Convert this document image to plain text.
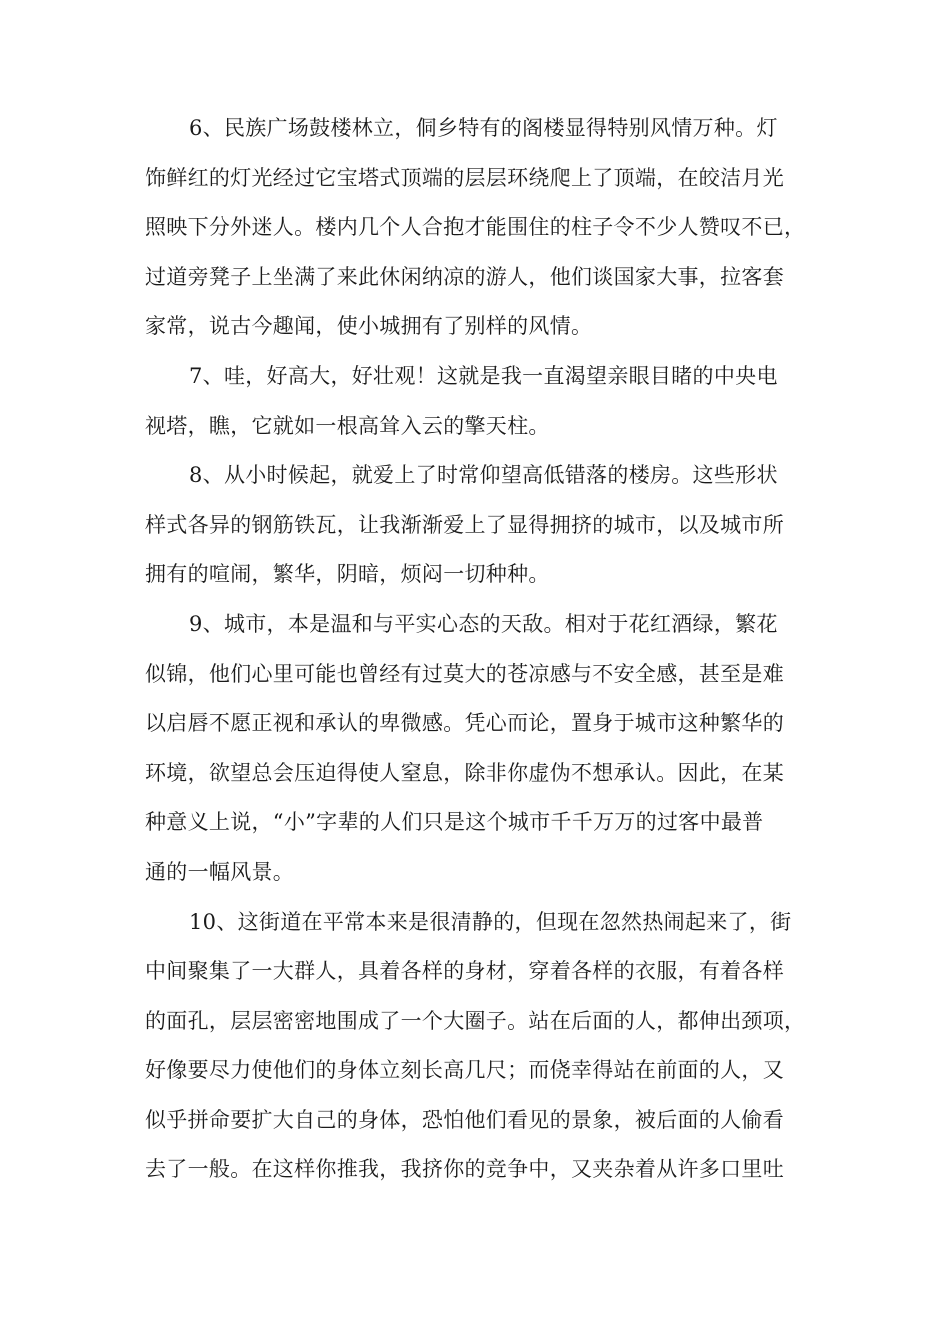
6、民族广场鼓楼林立，侗乡特有的阁楼显得特别风情万种。灯
饰鲜红的灯光经过它宝塔式顶端的层层环绕爬上了顶端，在皎洁月光
照映下分外迷人。楼内几个人合抱才能围住的柱子令不少人赞叹不已，
过道旁凳子上坐满了来此休闲纳凉的游人，他们谈国家大事，拉客套
家常，说古今趣闻，使小城拥有了别样的风情。

7、哇，好高大，好壮观！这就是我一直渴望亲眼目睹的中央电
视塔，瞧，它就如一根高耸入云的擎天柱。

8、从小时候起，就爱上了时常仰望高低错落的楼房。这些形状
样式各异的钢筋铁瓦，让我渐渐爱上了显得拥挤的城市，以及城市所
拥有的喧闹，繁华，阴暗，烦闷一切种种。

9、城市，本是温和与平实心态的天敌。相对于花红酒绿，繁花
似锦，他们心里可能也曾经有过莫大的苍凉感与不安全感，甚至是难
以启唇不愿正视和承认的卑微感。凭心而论，置身于城市这种繁华的
环境，欲望总会压迫得使人窒息，除非你虚伪不想承认。因此，在某
种意义上说，“小”字辈的人们只是这个城市千千万万的过客中最普
通的一幅风景。

10、这街道在平常本来是很清静的，但现在忽然热闹起来了，街
中间聚集了一大群人，具着各样的身材，穿着各样的衣服，有着各样
的面孔，层层密密地围成了一个大圈子。站在后面的人，都伸出颈项，
好像要尽力使他们的身体立刻长高几尺；而侥幸得站在前面的人，又
似乎拼命要扩大自己的身体，恐怕他们看见的景象，被后面的人偷看
去了一般。在这样你推我，我挤你的竞争中，又夹杂着从许多口里吐
